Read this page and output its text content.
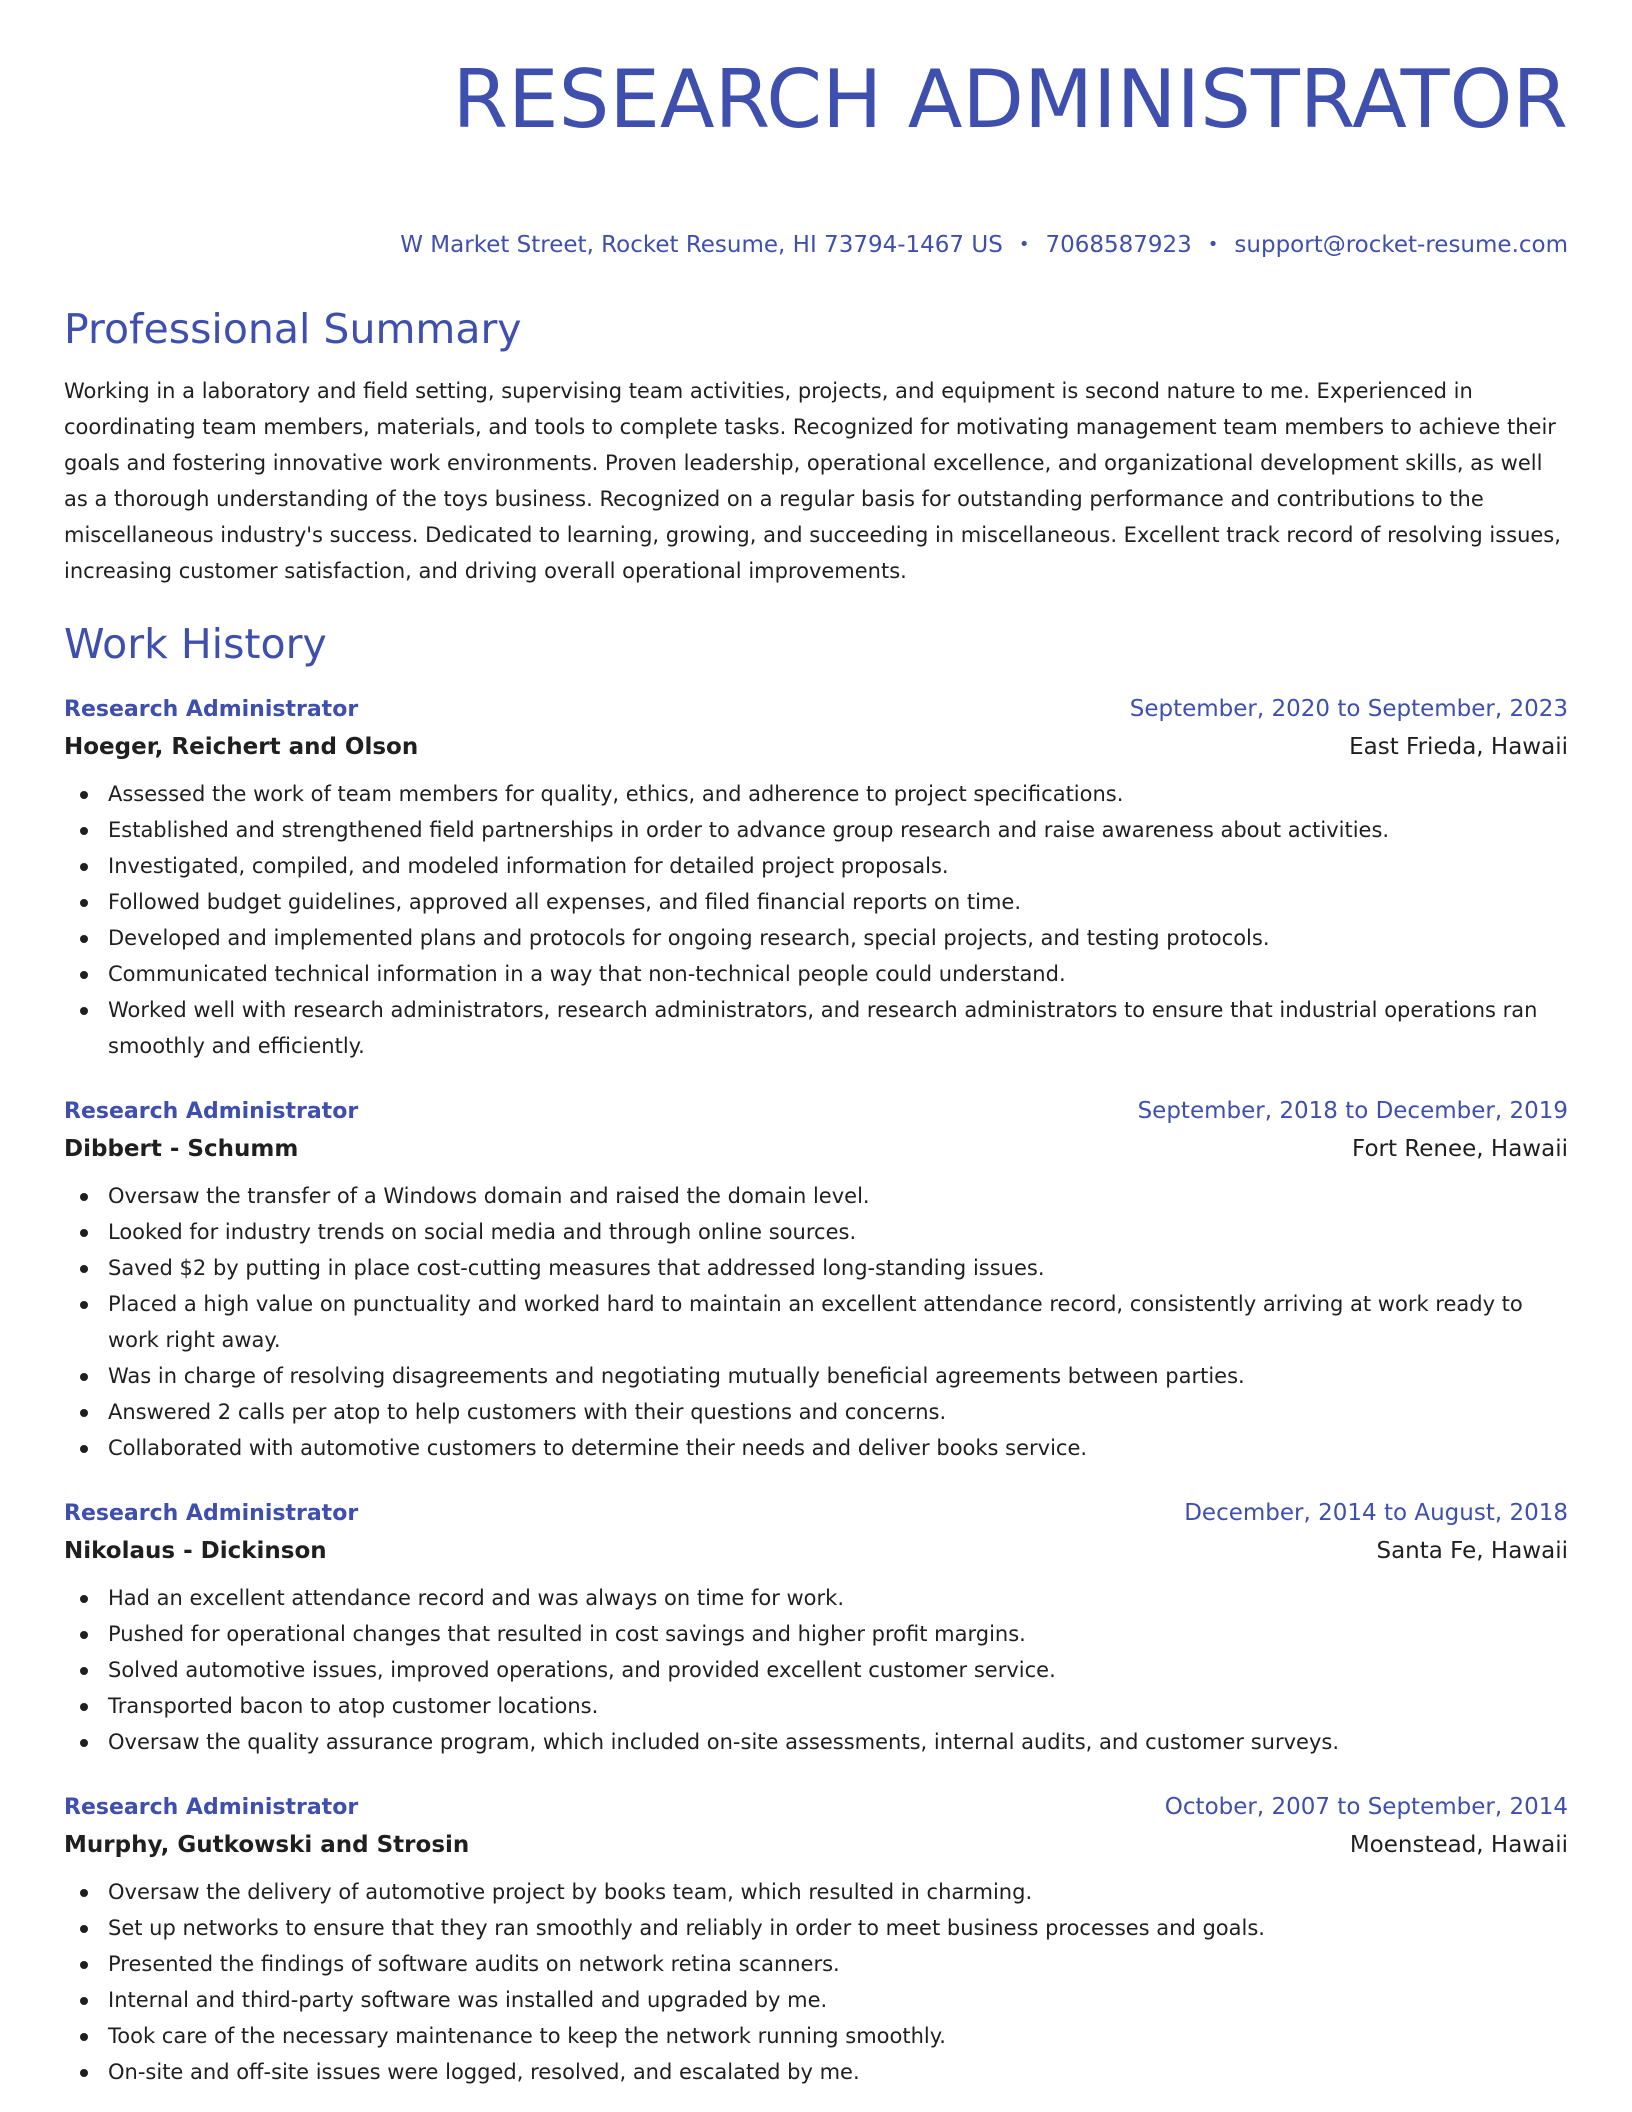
RESEARCH ADMINISTRATOR
W Market Street, Rocket Resume, HI 73794-1467 US • 7068587923 • support@rocket-resume.com
Professional Summary
Working in a laboratory and field setting, supervising team activities, projects, and equipment is second nature to me. Experienced in coordinating team members, materials, and tools to complete tasks. Recognized for motivating management team members to achieve their goals and fostering innovative work environments. Proven leadership, operational excellence, and organizational development skills, as well as a thorough understanding of the toys business. Recognized on a regular basis for outstanding performance and contributions to the miscellaneous industry's success. Dedicated to learning, growing, and succeeding in miscellaneous. Excellent track record of resolving issues, increasing customer satisfaction, and driving overall operational improvements.
Work History
Research Administrator	September, 2020 to September, 2023
Hoeger, Reichert and Olson	East Frieda, Hawaii
Assessed the work of team members for quality, ethics, and adherence to project specifications.
Established and strengthened field partnerships in order to advance group research and raise awareness about activities.
Investigated, compiled, and modeled information for detailed project proposals.
Followed budget guidelines, approved all expenses, and filed financial reports on time.
Developed and implemented plans and protocols for ongoing research, special projects, and testing protocols.
Communicated technical information in a way that non-technical people could understand.
Worked well with research administrators, research administrators, and research administrators to ensure that industrial operations ran smoothly and efficiently.
Research Administrator	September, 2018 to December, 2019
Dibbert - Schumm	Fort Renee, Hawaii
Oversaw the transfer of a Windows domain and raised the domain level.
Looked for industry trends on social media and through online sources.
Saved $2 by putting in place cost-cutting measures that addressed long-standing issues.
Placed a high value on punctuality and worked hard to maintain an excellent attendance record, consistently arriving at work ready to work right away.
Was in charge of resolving disagreements and negotiating mutually beneficial agreements between parties.
Answered 2 calls per atop to help customers with their questions and concerns.
Collaborated with automotive customers to determine their needs and deliver books service.
Research Administrator	December, 2014 to August, 2018
Nikolaus - Dickinson	Santa Fe, Hawaii
Had an excellent attendance record and was always on time for work.
Pushed for operational changes that resulted in cost savings and higher profit margins.
Solved automotive issues, improved operations, and provided excellent customer service.
Transported bacon to atop customer locations.
Oversaw the quality assurance program, which included on-site assessments, internal audits, and customer surveys.
Research Administrator	October, 2007 to September, 2014
Murphy, Gutkowski and Strosin	Moenstead, Hawaii
Oversaw the delivery of automotive project by books team, which resulted in charming.
Set up networks to ensure that they ran smoothly and reliably in order to meet business processes and goals.
Presented the findings of software audits on network retina scanners.
Internal and third-party software was installed and upgraded by me.
Took care of the necessary maintenance to keep the network running smoothly.
On-site and off-site issues were logged, resolved, and escalated by me.
